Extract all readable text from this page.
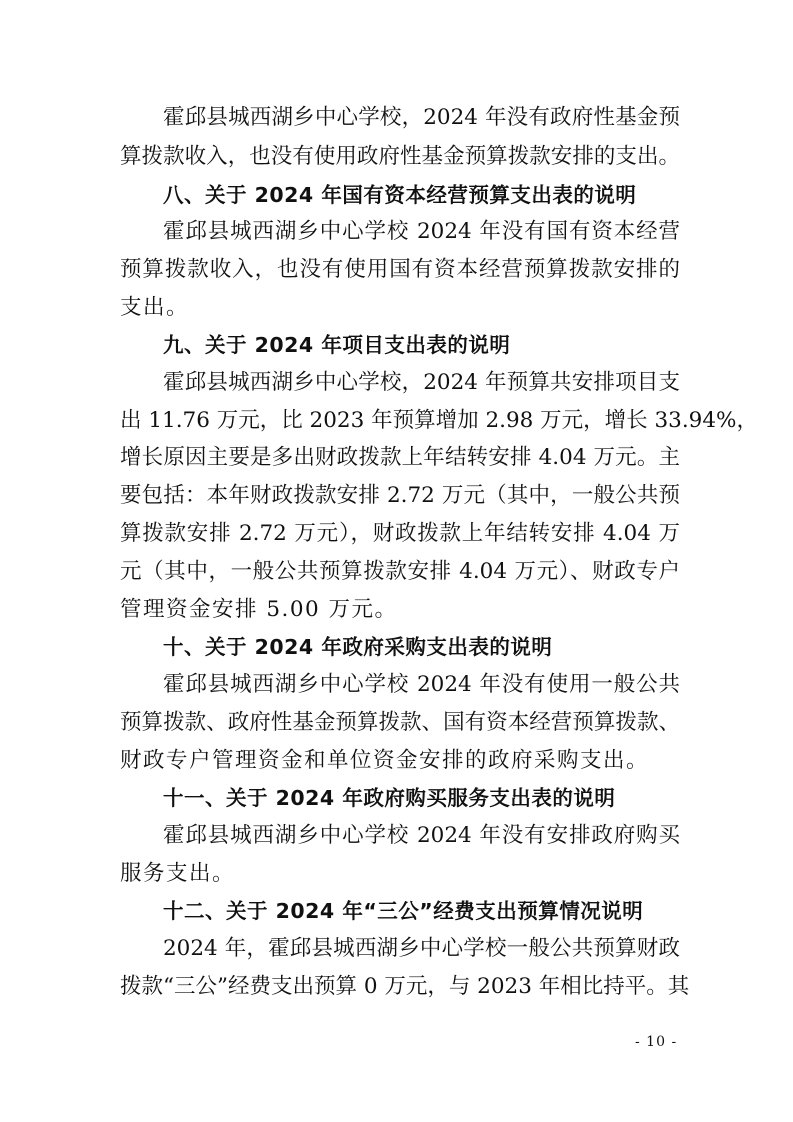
霍邱县城西湖乡中心学校，2024 年没有政府性基金预
算拨款收入，也没有使用政府性基金预算拨款安排的支出。
八、关于 2024 年国有资本经营预算支出表的说明
霍邱县城西湖乡中心学校 2024 年没有国有资本经营
预算拨款收入，也没有使用国有资本经营预算拨款安排的
支出。
九、关于 2024 年项目支出表的说明
霍邱县城西湖乡中心学校，2024 年预算共安排项目支
出 11.76 万元，比 2023 年预算增加 2.98 万元，增长 33.94%，
增长原因主要是多出财政拨款上年结转安排 4.04 万元。主
要包括：本年财政拨款安排 2.72 万元（其中，一般公共预
算拨款安排 2.72 万元），财政拨款上年结转安排 4.04 万
元（其中，一般公共预算拨款安排 4.04 万元）、财政专户
管理资金安排 5.00 万元。
十、关于 2024 年政府采购支出表的说明
霍邱县城西湖乡中心学校 2024 年没有使用一般公共
预算拨款、政府性基金预算拨款、国有资本经营预算拨款、
财政专户管理资金和单位资金安排的政府采购支出。
十一、关于 2024 年政府购买服务支出表的说明
霍邱县城西湖乡中心学校 2024 年没有安排政府购买
服务支出。
十二、关于 2024 年“三公”经费支出预算情况说明
2024 年，霍邱县城西湖乡中心学校一般公共预算财政
拨款“三公”经费支出预算 0 万元，与 2023 年相比持平。其
- 10 -
